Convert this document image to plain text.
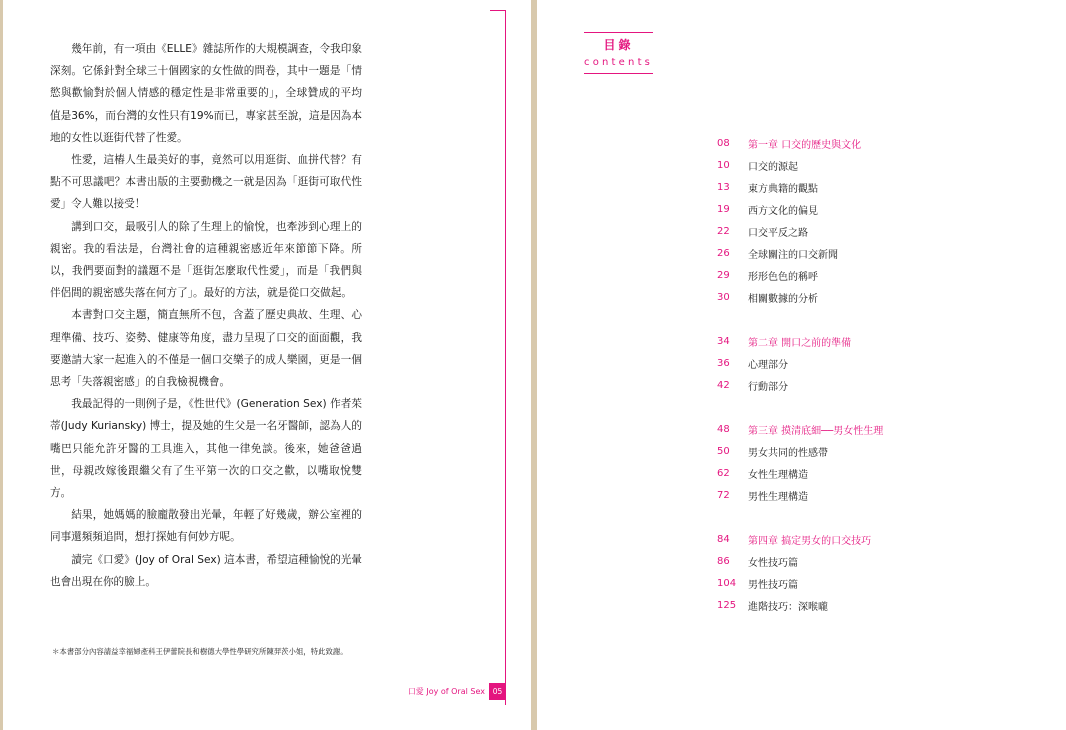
幾年前，有一項由《ELLE》雜誌所作的大規模調查，令我印象深刻。它係針對全球三十個國家的女性做的問卷，其中一題是「情慾與歡愉對於個人情感的穩定性是非常重要的」，全球贊成的平均值是36%，而台灣的女性只有19%而已，專家甚至說，這是因為本地的女性以逛街代替了性愛。

性愛，這樁人生最美好的事，竟然可以用逛街、血拼代替？有點不可思議吧？本書出版的主要動機之一就是因為「逛街可取代性愛」令人難以接受！

講到口交，最吸引人的除了生理上的愉悅，也牽涉到心理上的親密。我的看法是，台灣社會的這種親密感近年來節節下降。所以，我們要面對的議題不是「逛街怎麼取代性愛」，而是「我們與伴侶間的親密感失落在何方了」。最好的方法，就是從口交做起。

本書對口交主題，簡直無所不包，含蓋了歷史典故、生理、心理準備、技巧、姿勢、健康等角度，盡力呈現了口交的面面觀，我要邀請大家一起進入的不僅是一個口交樂子的成人樂園，更是一個思考「失落親密感」的自我檢視機會。

我最記得的一則例子是，《性世代》(Generation Sex) 作者茱蒂(Judy Kuriansky) 博士，提及她的生父是一名牙醫師，認為人的嘴巴只能允許牙醫的工具進入，其他一律免談。後來，她爸爸過世，母親改嫁後跟繼父有了生平第一次的口交之歡，以嘴取悅雙方。

結果，她媽媽的臉龐散發出光暈，年輕了好幾歲，辦公室裡的同事還頻頻追問，想打探她有何妙方呢。

讀完《口愛》(Joy of Oral Sex) 這本書，希望這種愉悅的光暈也會出現在你的臉上。

＊本書部分內容請益幸福婦產科王伊蕾院長和樹德大學性學研究所陳羿茨小姐，特此致謝。
口愛 Joy of Oral Sex	05
目錄
contents
08	第一章 口交的歷史與文化
10	口交的源起
13	東方典籍的觀點
19	西方文化的偏見
22	口交平反之路
26	全球關注的口交新聞
29	形形色色的稱呼
30	相關數據的分析
34	第二章 開口之前的準備
36	心理部分
42	行動部分
48	第三章 摸清底細──男女性生理
50	男女共同的性感帶
62	女性生理構造
72	男性生理構造
84	第四章 搞定男女的口交技巧
86	女性技巧篇
104	男性技巧篇
125	進階技巧：深喉嚨
